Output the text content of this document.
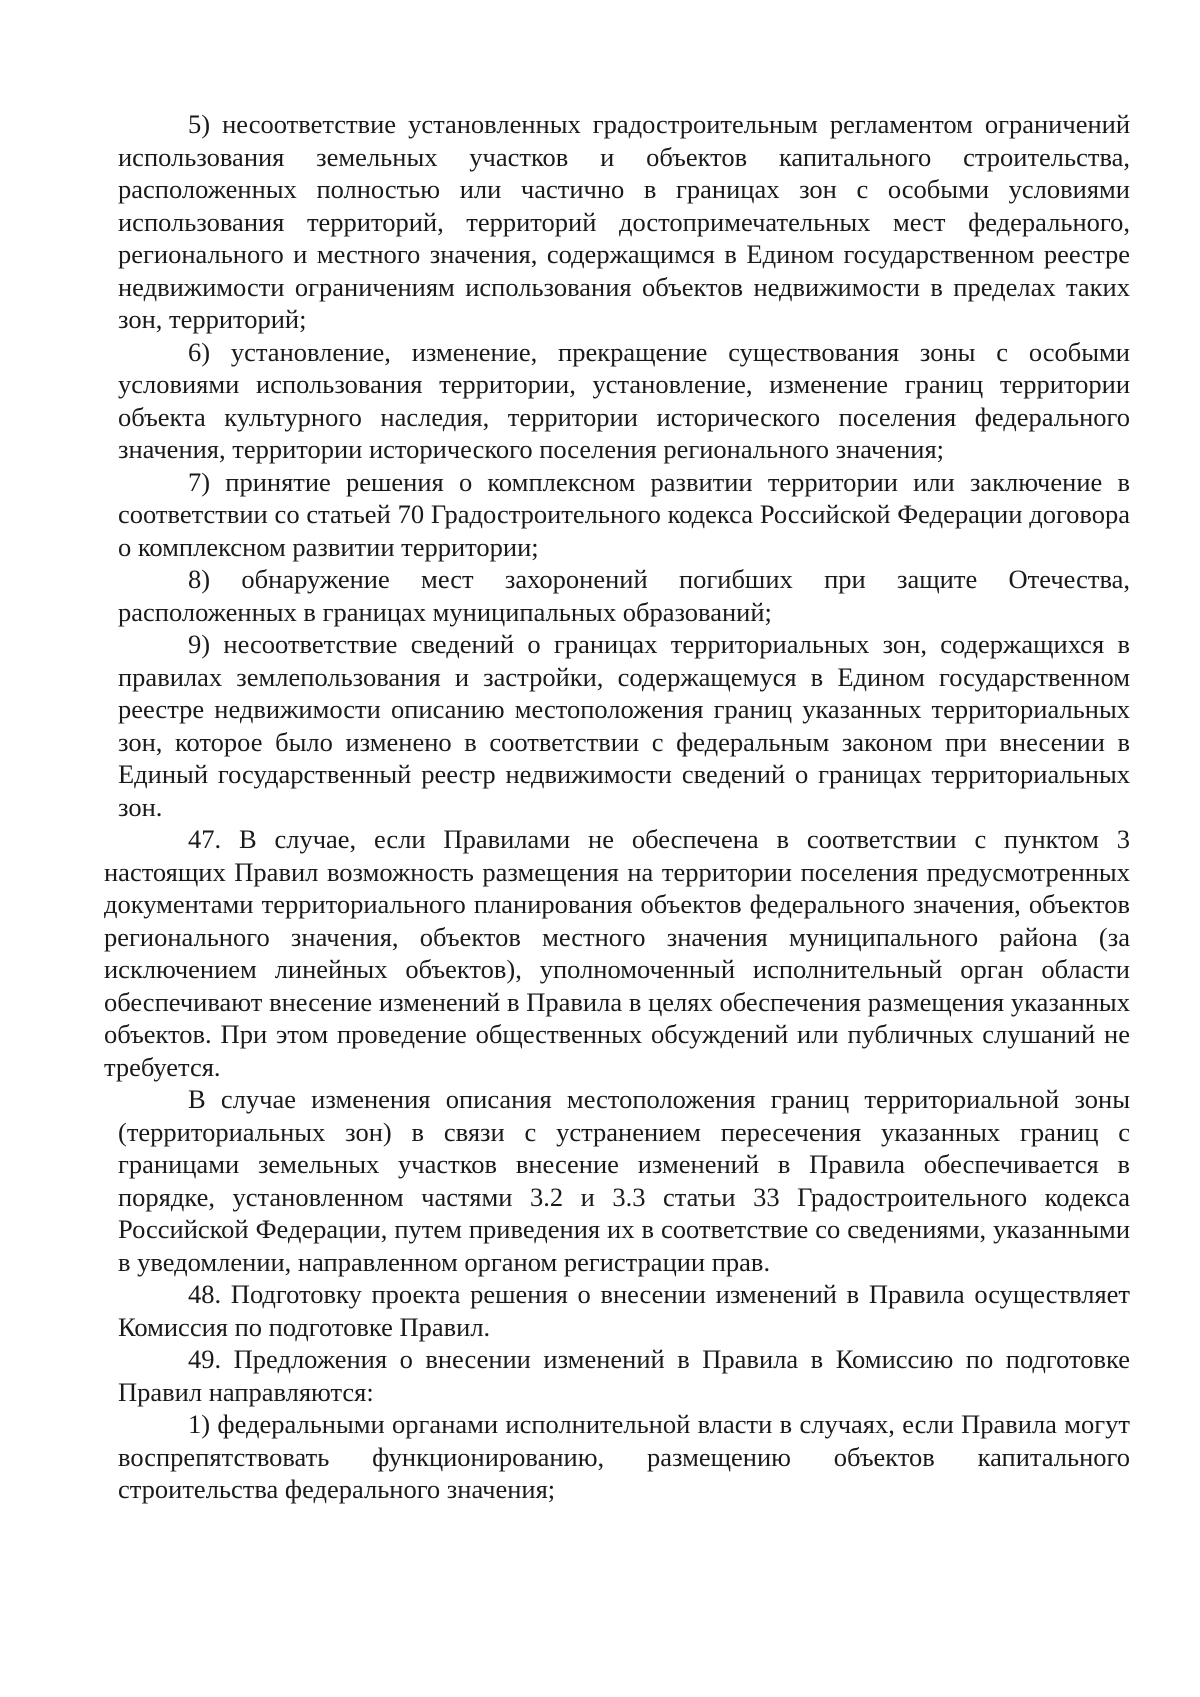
5) несоответствие установленных градостроительным регламентом ограничений использования земельных участков и объектов капитального строительства, расположенных полностью или частично в границах зон с особыми условиями использования территорий, территорий достопримечательных мест федерального, регионального и местного значения, содержащимся в Едином государственном реестре недвижимости ограничениям использования объектов недвижимости в пределах таких зон, территорий;

6) установление, изменение, прекращение существования зоны с особыми условиями использования территории, установление, изменение границ территории объекта культурного наследия, территории исторического поселения федерального значения, территории исторического поселения регионального значения;

7) принятие решения о комплексном развитии территории или заключение в соответствии со статьей 70 Градостроительного кодекса Российской Федерации договора о комплексном развитии территории;

8) обнаружение мест захоронений погибших при защите Отечества, расположенных в границах муниципальных образований;

9) несоответствие сведений о границах территориальных зон, содержащихся в правилах землепользования и застройки, содержащемуся в Едином государственном реестре недвижимости описанию местоположения границ указанных территориальных зон, которое было изменено в соответствии с федеральным законом при внесении в Единый государственный реестр недвижимости сведений о границах территориальных зон.

47. В случае, если Правилами не обеспечена в соответствии с пунктом 3 настоящих Правил возможность размещения на территории поселения предусмотренных документами территориального планирования объектов федерального значения, объектов регионального значения, объектов местного значения муниципального района (за исключением линейных объектов), уполномоченный исполнительный орган области обеспечивают внесение изменений в Правила в целях обеспечения размещения указанных объектов. При этом проведение общественных обсуждений или публичных слушаний не требуется.

В случае изменения описания местоположения границ территориальной зоны (территориальных зон) в связи с устранением пересечения указанных границ с границами земельных участков внесение изменений в Правила обеспечивается в порядке, установленном частями 3.2 и 3.3 статьи 33 Градостроительного кодекса Российской Федерации, путем приведения их в соответствие со сведениями, указанными в уведомлении, направленном органом регистрации прав.

48. Подготовку проекта решения о внесении изменений в Правила осуществляет Комиссия по подготовке Правил.

49. Предложения о внесении изменений в Правила в Комиссию по подготовке Правил направляются:

1) федеральными органами исполнительной власти в случаях, если Правила могут воспрепятствовать функционированию, размещению объектов капитального строительства федерального значения;
